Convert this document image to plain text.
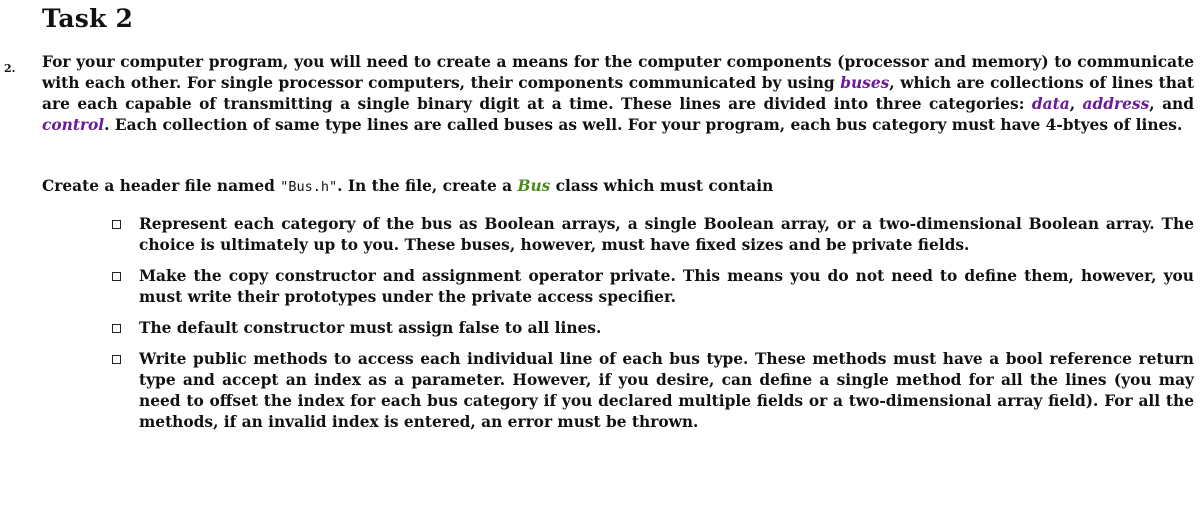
Task 2
2. For your computer program, you will need to create a means for the computer components (processor and memory) to communicate with each other. For single processor computers, their components communicated by using buses, which are collections of lines that are each capable of transmitting a single binary digit at a time. These lines are divided into three categories: data, address, and control. Each collection of same type lines are called buses as well. For your program, each bus category must have 4-btyes of lines.

Create a header file named "Bus.h". In the file, create a Bus class which must contain

Represent each category of the bus as Boolean arrays, a single Boolean array, or a two-dimensional Boolean array. The choice is ultimately up to you. These buses, however, must have fixed sizes and be private fields.
Make the copy constructor and assignment operator private. This means you do not need to define them, however, you must write their prototypes under the private access specifier.
The default constructor must assign false to all lines.
Write public methods to access each individual line of each bus type. These methods must have a bool reference return type and accept an index as a parameter. However, if you desire, can define a single method for all the lines (you may need to offset the index for each bus category if you declared multiple fields or a two-dimensional array field). For all the methods, if an invalid index is entered, an error must be thrown.
